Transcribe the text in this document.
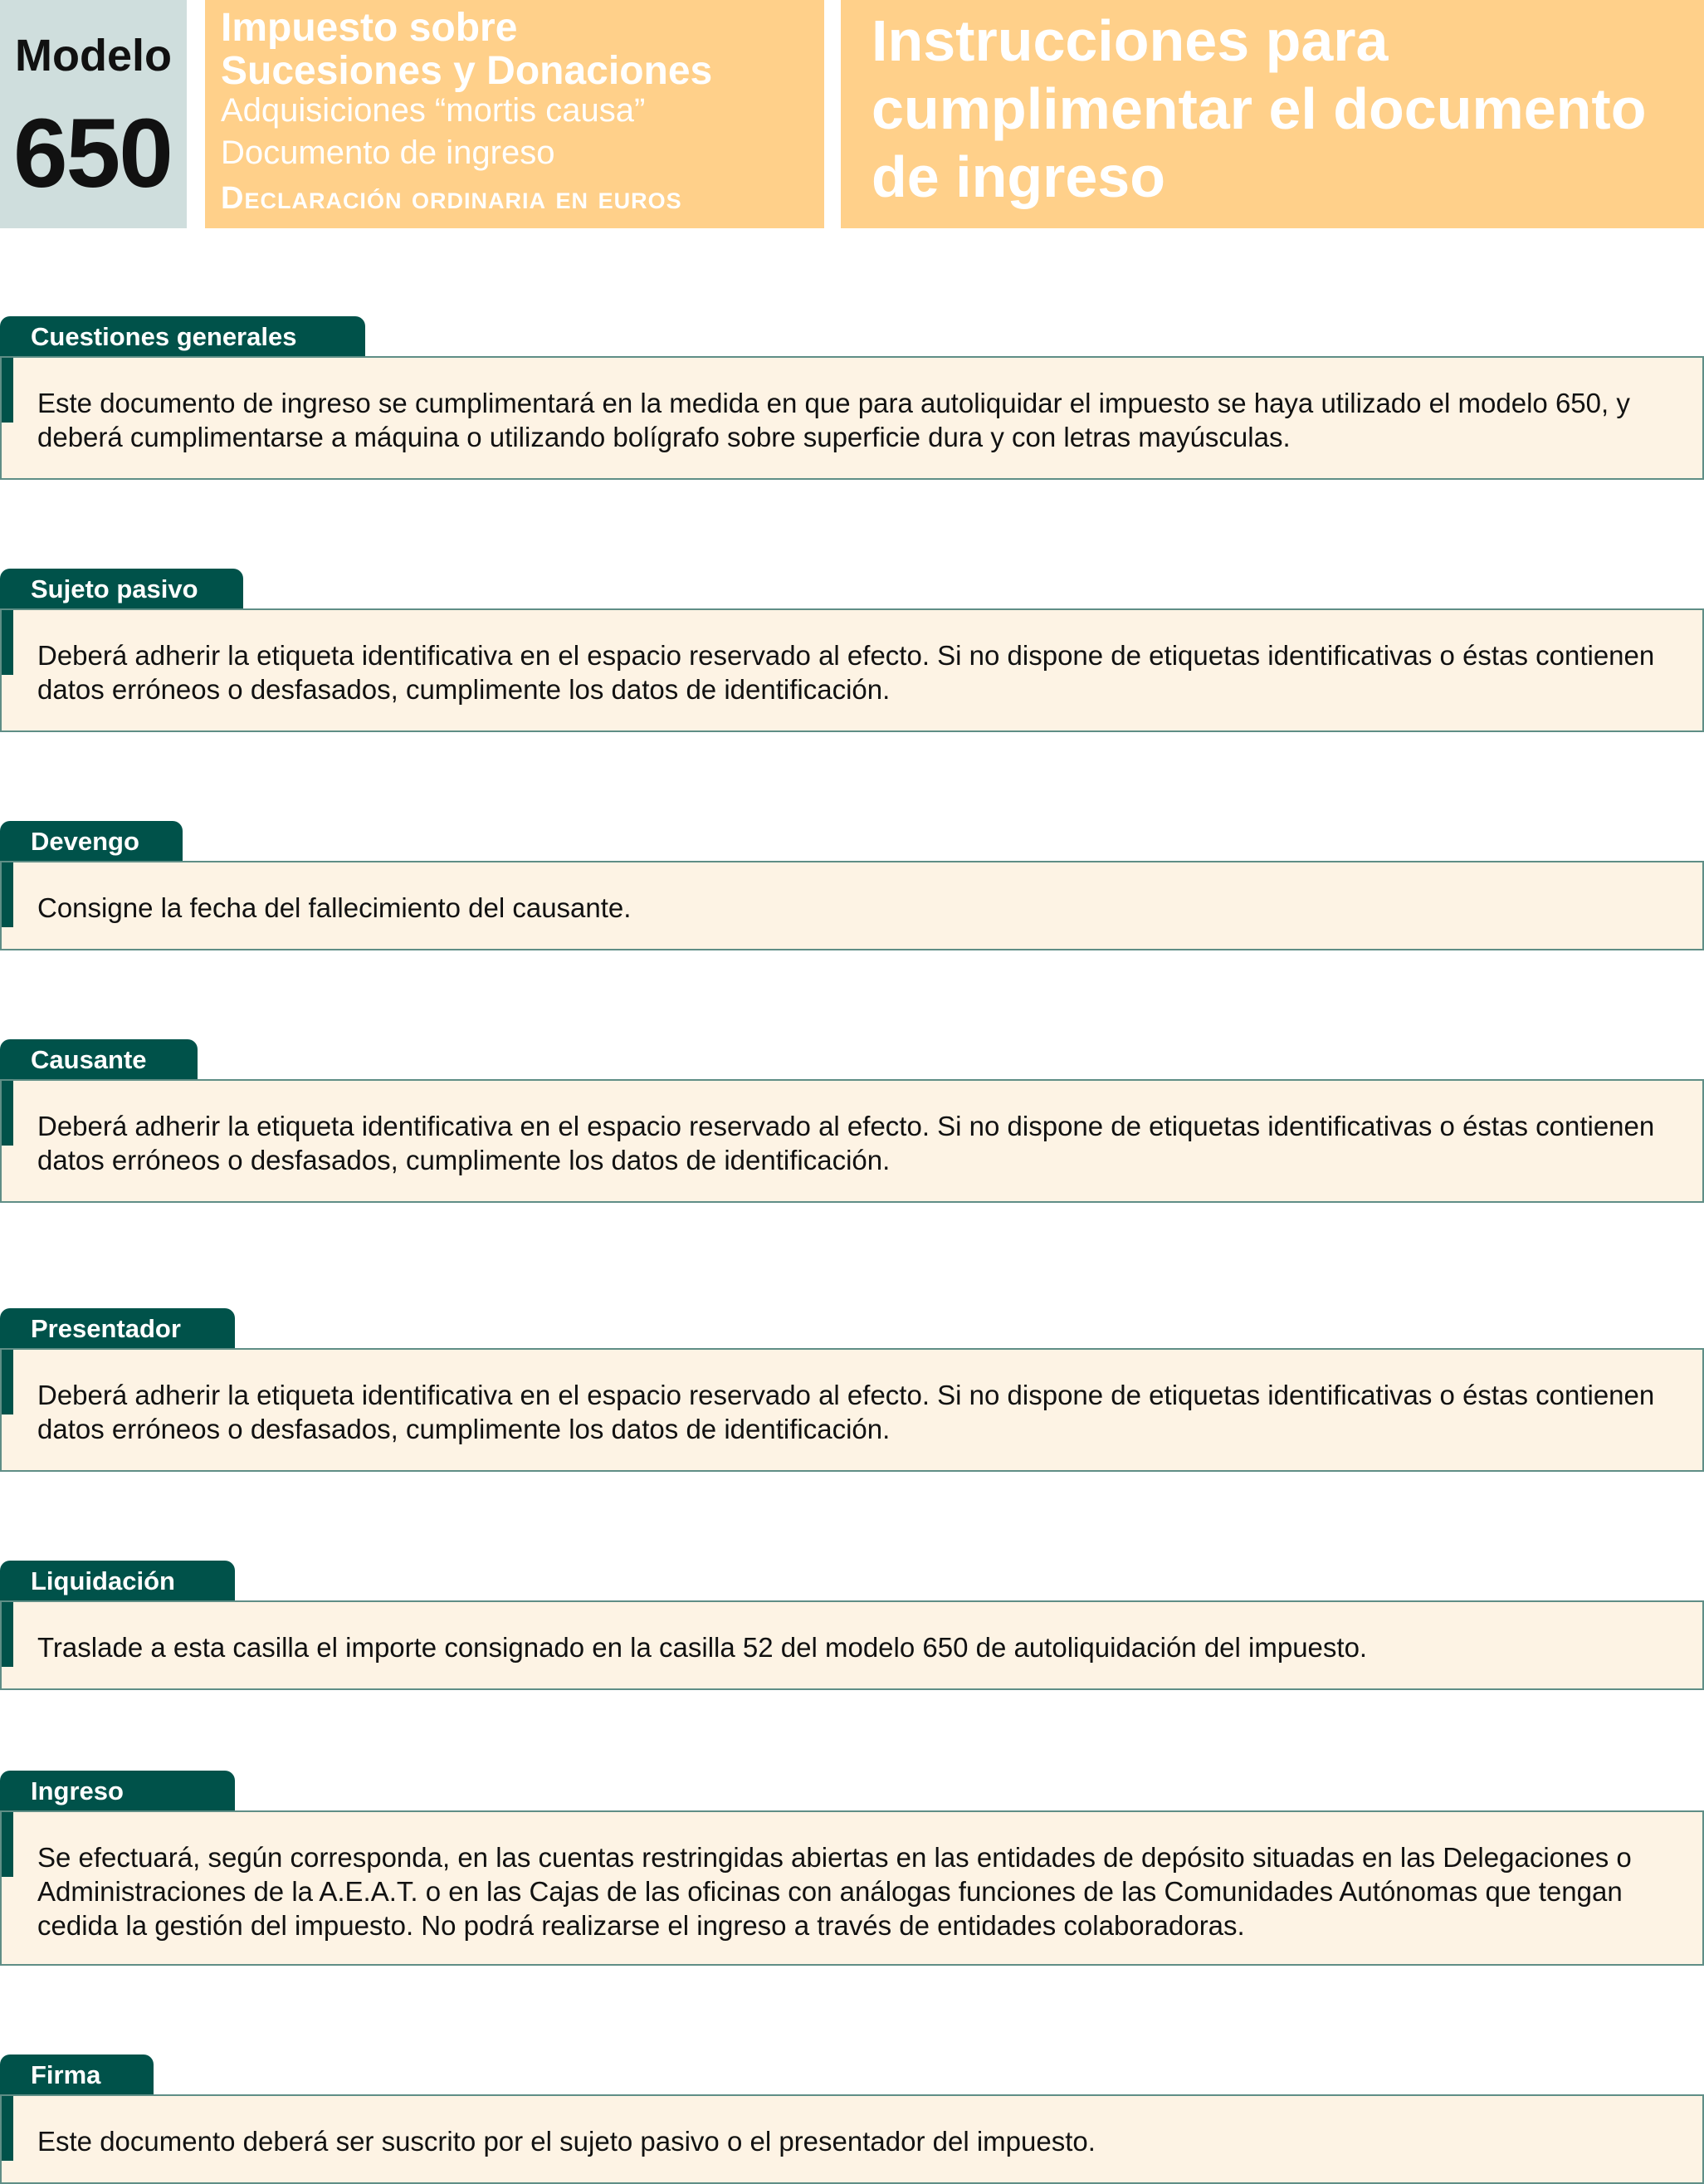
Modelo
650
Impuesto sobre
Sucesiones y Donaciones
Adquisiciones “mortis causa”
Documento de ingreso
Declaración ordinaria en euros
Instrucciones para cumplimentar el documento de ingreso
Cuestiones generales
Este documento de ingreso se cumplimentará en la medida en que para autoliquidar el impuesto se haya utilizado el modelo 650, y deberá cumplimentarse a máquina o utilizando bolígrafo sobre superficie dura y con letras mayúsculas.
Sujeto pasivo
Deberá adherir la etiqueta identificativa en el espacio reservado al efecto. Si no dispone de etiquetas identificativas o éstas contienen datos erróneos o desfasados, cumplimente los datos de identificación.
Devengo
Consigne la fecha del fallecimiento del causante.
Causante
Deberá adherir la etiqueta identificativa en el espacio reservado al efecto. Si no dispone de etiquetas identificativas o éstas contienen datos erróneos o desfasados, cumplimente los datos de identificación.
Presentador
Deberá adherir la etiqueta identificativa en el espacio reservado al efecto. Si no dispone de etiquetas identificativas o éstas contienen datos erróneos o desfasados, cumplimente los datos de identificación.
Liquidación
Traslade a esta casilla el importe consignado en la casilla 52 del modelo 650 de autoliquidación del impuesto.
Ingreso
Se efectuará, según corresponda, en las cuentas restringidas abiertas en las entidades de depósito situadas en las Delegaciones o Administraciones de la A.E.A.T. o en las Cajas de las oficinas con análogas funciones de las Comunidades Autónomas que tengan cedida la gestión del impuesto. No podrá realizarse el ingreso a través de entidades colaboradoras.
Firma
Este documento deberá ser suscrito por el sujeto pasivo o el presentador del impuesto.
